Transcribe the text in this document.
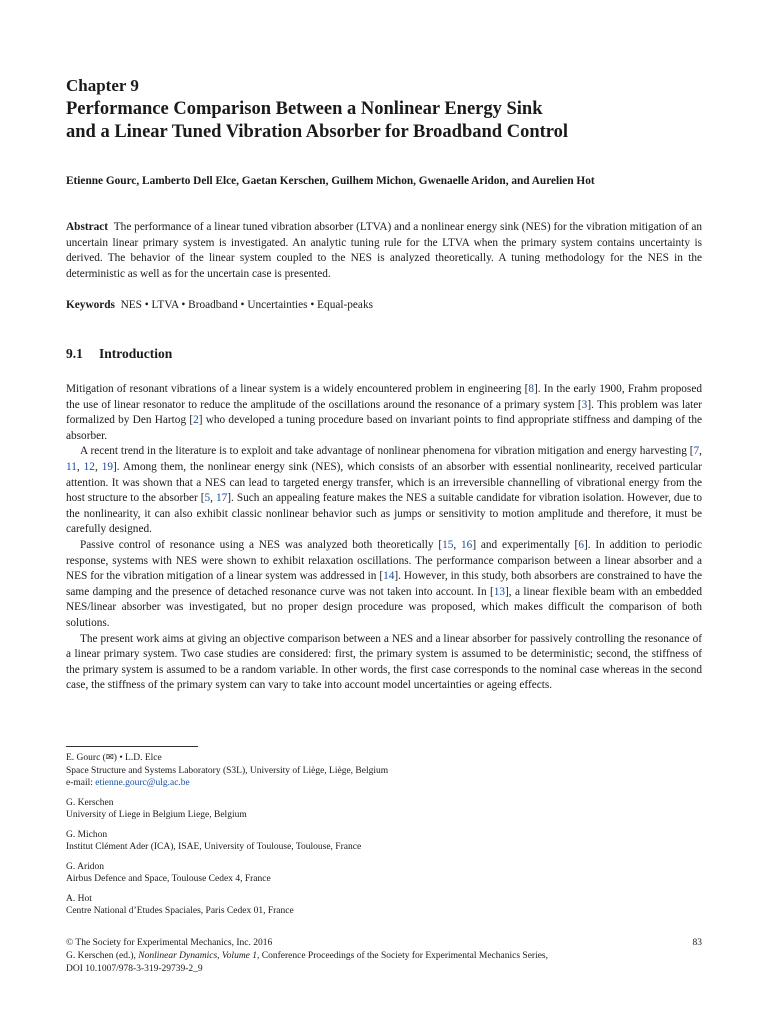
Chapter 9
Performance Comparison Between a Nonlinear Energy Sink
and a Linear Tuned Vibration Absorber for Broadband Control
Etienne Gourc, Lamberto Dell Elce, Gaetan Kerschen, Guilhem Michon, Gwenaelle Aridon, and Aurelien Hot
Abstract The performance of a linear tuned vibration absorber (LTVA) and a nonlinear energy sink (NES) for the vibration mitigation of an uncertain linear primary system is investigated. An analytic tuning rule for the LTVA when the primary system contains uncertainty is derived. The behavior of the linear system coupled to the NES is analyzed theoretically. A tuning methodology for the NES in the deterministic as well as for the uncertain case is presented.
Keywords NES • LTVA • Broadband • Uncertainties • Equal-peaks
9.1 Introduction

Mitigation of resonant vibrations of a linear system is a widely encountered problem in engineering [8]. In the early 1900, Frahm proposed the use of linear resonator to reduce the amplitude of the oscillations around the resonance of a primary system [3]. This problem was later formalized by Den Hartog [2] who developed a tuning procedure based on invariant points to find appropriate stiffness and damping of the absorber.

A recent trend in the literature is to exploit and take advantage of nonlinear phenomena for vibration mitigation and energy harvesting [7, 11, 12, 19]. Among them, the nonlinear energy sink (NES), which consists of an absorber with essential nonlinearity, received particular attention. It was shown that a NES can lead to targeted energy transfer, which is an irreversible channelling of vibrational energy from the host structure to the absorber [5, 17]. Such an appealing feature makes the NES a suitable candidate for vibration isolation. However, due to the nonlinearity, it can also exhibit classic nonlinear behavior such as jumps or sensitivity to motion amplitude and therefore, it must be carefully designed.

Passive control of resonance using a NES was analyzed both theoretically [15, 16] and experimentally [6]. In addition to periodic response, systems with NES were shown to exhibit relaxation oscillations. The performance comparison between a linear absorber and a NES for the vibration mitigation of a linear system was addressed in [14]. However, in this study, both absorbers are constrained to have the same damping and the presence of detached resonance curve was not taken into account. In [13], a linear flexible beam with an embedded NES/linear absorber was investigated, but no proper design procedure was proposed, which makes difficult the comparison of both solutions.

The present work aims at giving an objective comparison between a NES and a linear absorber for passively controlling the resonance of a linear primary system. Two case studies are considered: first, the primary system is assumed to be deterministic; second, the stiffness of the primary system is assumed to be a random variable. In other words, the first case corresponds to the nominal case whereas in the second case, the stiffness of the primary system can vary to take into account model uncertainties or ageing effects.

E. Gourc (✉) • L.D. Elce
Space Structure and Systems Laboratory (S3L), University of Liège, Liège, Belgium
e-mail: etienne.gourc@ulg.ac.be
G. Kerschen
University of Liege in Belgium Liege, Belgium
G. Michon
Institut Clément Ader (ICA), ISAE, University of Toulouse, Toulouse, France
G. Aridon
Airbus Defence and Space, Toulouse Cedex 4, France
A. Hot
Centre National d’Etudes Spaciales, Paris Cedex 01, France
83
© The Society for Experimental Mechanics, Inc. 2016
G. Kerschen (ed.), Nonlinear Dynamics, Volume 1, Conference Proceedings of the Society for Experimental Mechanics Series,
DOI 10.1007/978-3-319-29739-2_9
